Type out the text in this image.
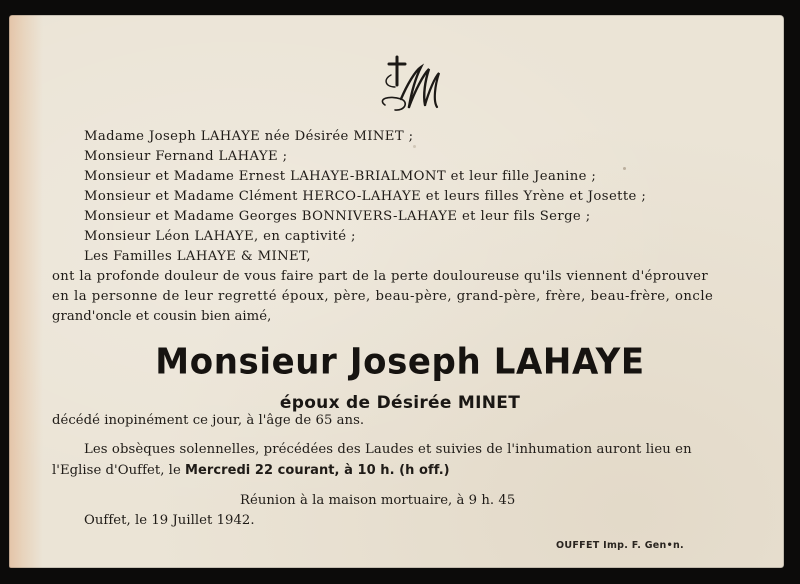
Madame Joseph LAHAYE née Désirée MINET ;
Monsieur Fernand LAHAYE ;
Monsieur et Madame Ernest LAHAYE-BRIALMONT et leur fille Jeanine ;
Monsieur et Madame Clément HERCO-LAHAYE et leurs filles Yrène et Josette ;
Monsieur et Madame Georges BONNIVERS-LAHAYE et leur fils Serge ;
Monsieur Léon LAHAYE, en captivité ;
Les Familles LAHAYE & MINET,
ont la profonde douleur de vous faire part de la perte douloureuse qu'ils viennent d'éprouver
en la personne de leur regretté époux, père, beau-père, grand-père, frère, beau-frère, oncle
grand'oncle et cousin bien aimé,
Monsieur Joseph LAHAYE
époux de Désirée MINET
décédé inopinément ce jour, à l'âge de 65 ans.
Les obsèques solennelles, précédées des Laudes et suivies de l'inhumation auront lieu en
l'Eglise d'Ouffet, le Mercredi 22 courant, à 10 h. (h off.)
Réunion à la maison mortuaire, à 9 h. 45
Ouffet, le 19 Juillet 1942.
OUFFET Imp. F. Gen•n.
